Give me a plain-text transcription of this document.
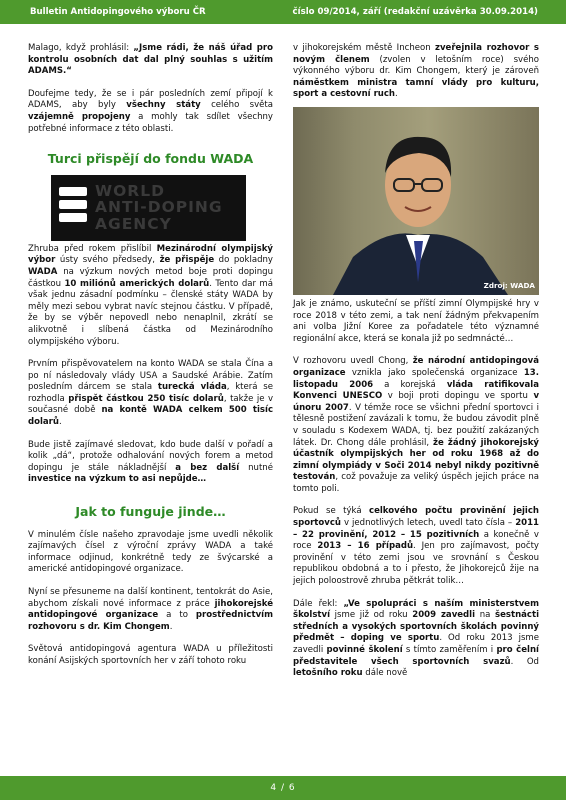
Bulletin Antidopingového výboru ČR	číslo 09/2014, září (redakční uzávěrka 30.09.2014)

Malago, když prohlásil: „Jsme rádi, že náš úřad pro kontrolu osobních dat dal plný souhlas s užitím ADAMS.“

Doufejme tedy, že se i pár posledních zemí připojí k ADAMS, aby byly všechny státy celého světa vzájemně propojeny a mohly tak sdílet všechny potřebné informace z této oblasti.

Turci přispějí do fondu WADA
WORLD
ANTI-DOPING
AGENCY

Zhruba před rokem přislíbil Mezinárodní olympijský výbor ústy svého předsedy, že přispěje do pokladny WADA na výzkum nových metod boje proti dopingu částkou 10 miliónů amerických dolarů. Tento dar má však jednu zásadní podmínku – členské státy WADA by měly mezi sebou vybrat navíc stejnou částku. V případě, že by se výběr nepovedl nebo nenaplnil, zkrátí se alikvotně i slíbená částka od Mezinárodního olympijského výboru.

Prvním přispěvovatelem na konto WADA se stala Čína a po ní následovaly vlády USA a Saudské Arábie. Zatím posledním dárcem se stala turecká vláda, která se rozhodla přispět částkou 250 tisíc dolarů, takže je v současné době na kontě WADA celkem 500 tisíc dolarů.

Bude jistě zajímavé sledovat, kdo bude další v pořadí a kolik „dá“, protože odhalování nových forem a metod dopingu je stále nákladnější a bez další nutné investice na výzkum to asi nepůjde…

Jak to funguje jinde…

V minulém čísle našeho zpravodaje jsme uvedli několik zajímavých čísel z výroční zprávy WADA a také informace odjinud, konkrétně tedy ze švýcarské a americké antidopingové organizace.

Nyní se přesuneme na další kontinent, tentokrát do Asie, abychom získali nové informace z práce jihokorejské antidopingové organizace a to prostřednictvím rozhovoru s dr. Kim Chongem.

Světová antidopingová agentura WADA u příležitosti konání Asijských sportovních her v září tohoto roku

v jihokorejském městě Incheon zveřejnila rozhovor s novým členem (zvolen v letošním roce) svého výkonného výboru dr. Kim Chongem, který je zároveň náměstkem ministra tamní vlády pro kulturu, sport a cestovní ruch.

Zdroj: WADA

Jak je známo, uskuteční se příští zimní Olympijské hry v roce 2018 v této zemi, a tak není žádným překvapením ani volba Jižní Koree za pořadatele této významné regionální akce, která se konala již po sedmnácté…

V rozhovoru uvedl Chong, že národní antidopingová organizace vznikla jako společenská organizace 13. listopadu 2006 a korejská vláda ratifikovala Konvenci UNESCO v boji proti dopingu ve sportu v únoru 2007. V témže roce se všichni přední sportovci i tělesně postižení zavázali k tomu, že budou závodit plně v souladu s Kodexem WADA, tj. bez použití zakázaných látek. Dr. Chong dále prohlásil, že žádný jihokorejský účastník olympijských her od roku 1968 až do zimní olympiády v Soči 2014 nebyl nikdy pozitivně testován, což považuje za veliký úspěch jejich práce na tomto poli.

Pokud se týká celkového počtu provinění jejich sportovců v jednotlivých letech, uvedl tato čísla – 2011 – 22 provinění, 2012 – 15 pozitivních a konečně v roce 2013 – 16 případů. Jen pro zajímavost, počty provinění v této zemi jsou ve srovnání s Českou republikou obdobná a to i přesto, že Jihokorejců žije na jejich poloostrově zhruba pětkrát tolik…

Dále řekl: „Ve spolupráci s naším ministerstvem školství jsme již od roku 2009 zavedli na šestnácti středních a vysokých sportovních školách povinný předmět – doping ve sportu. Od roku 2013 jsme zavedli povinné školení s tímto zaměřením i pro čelní představitele všech sportovních svazů. Od letošního roku dále nově

4 / 6
